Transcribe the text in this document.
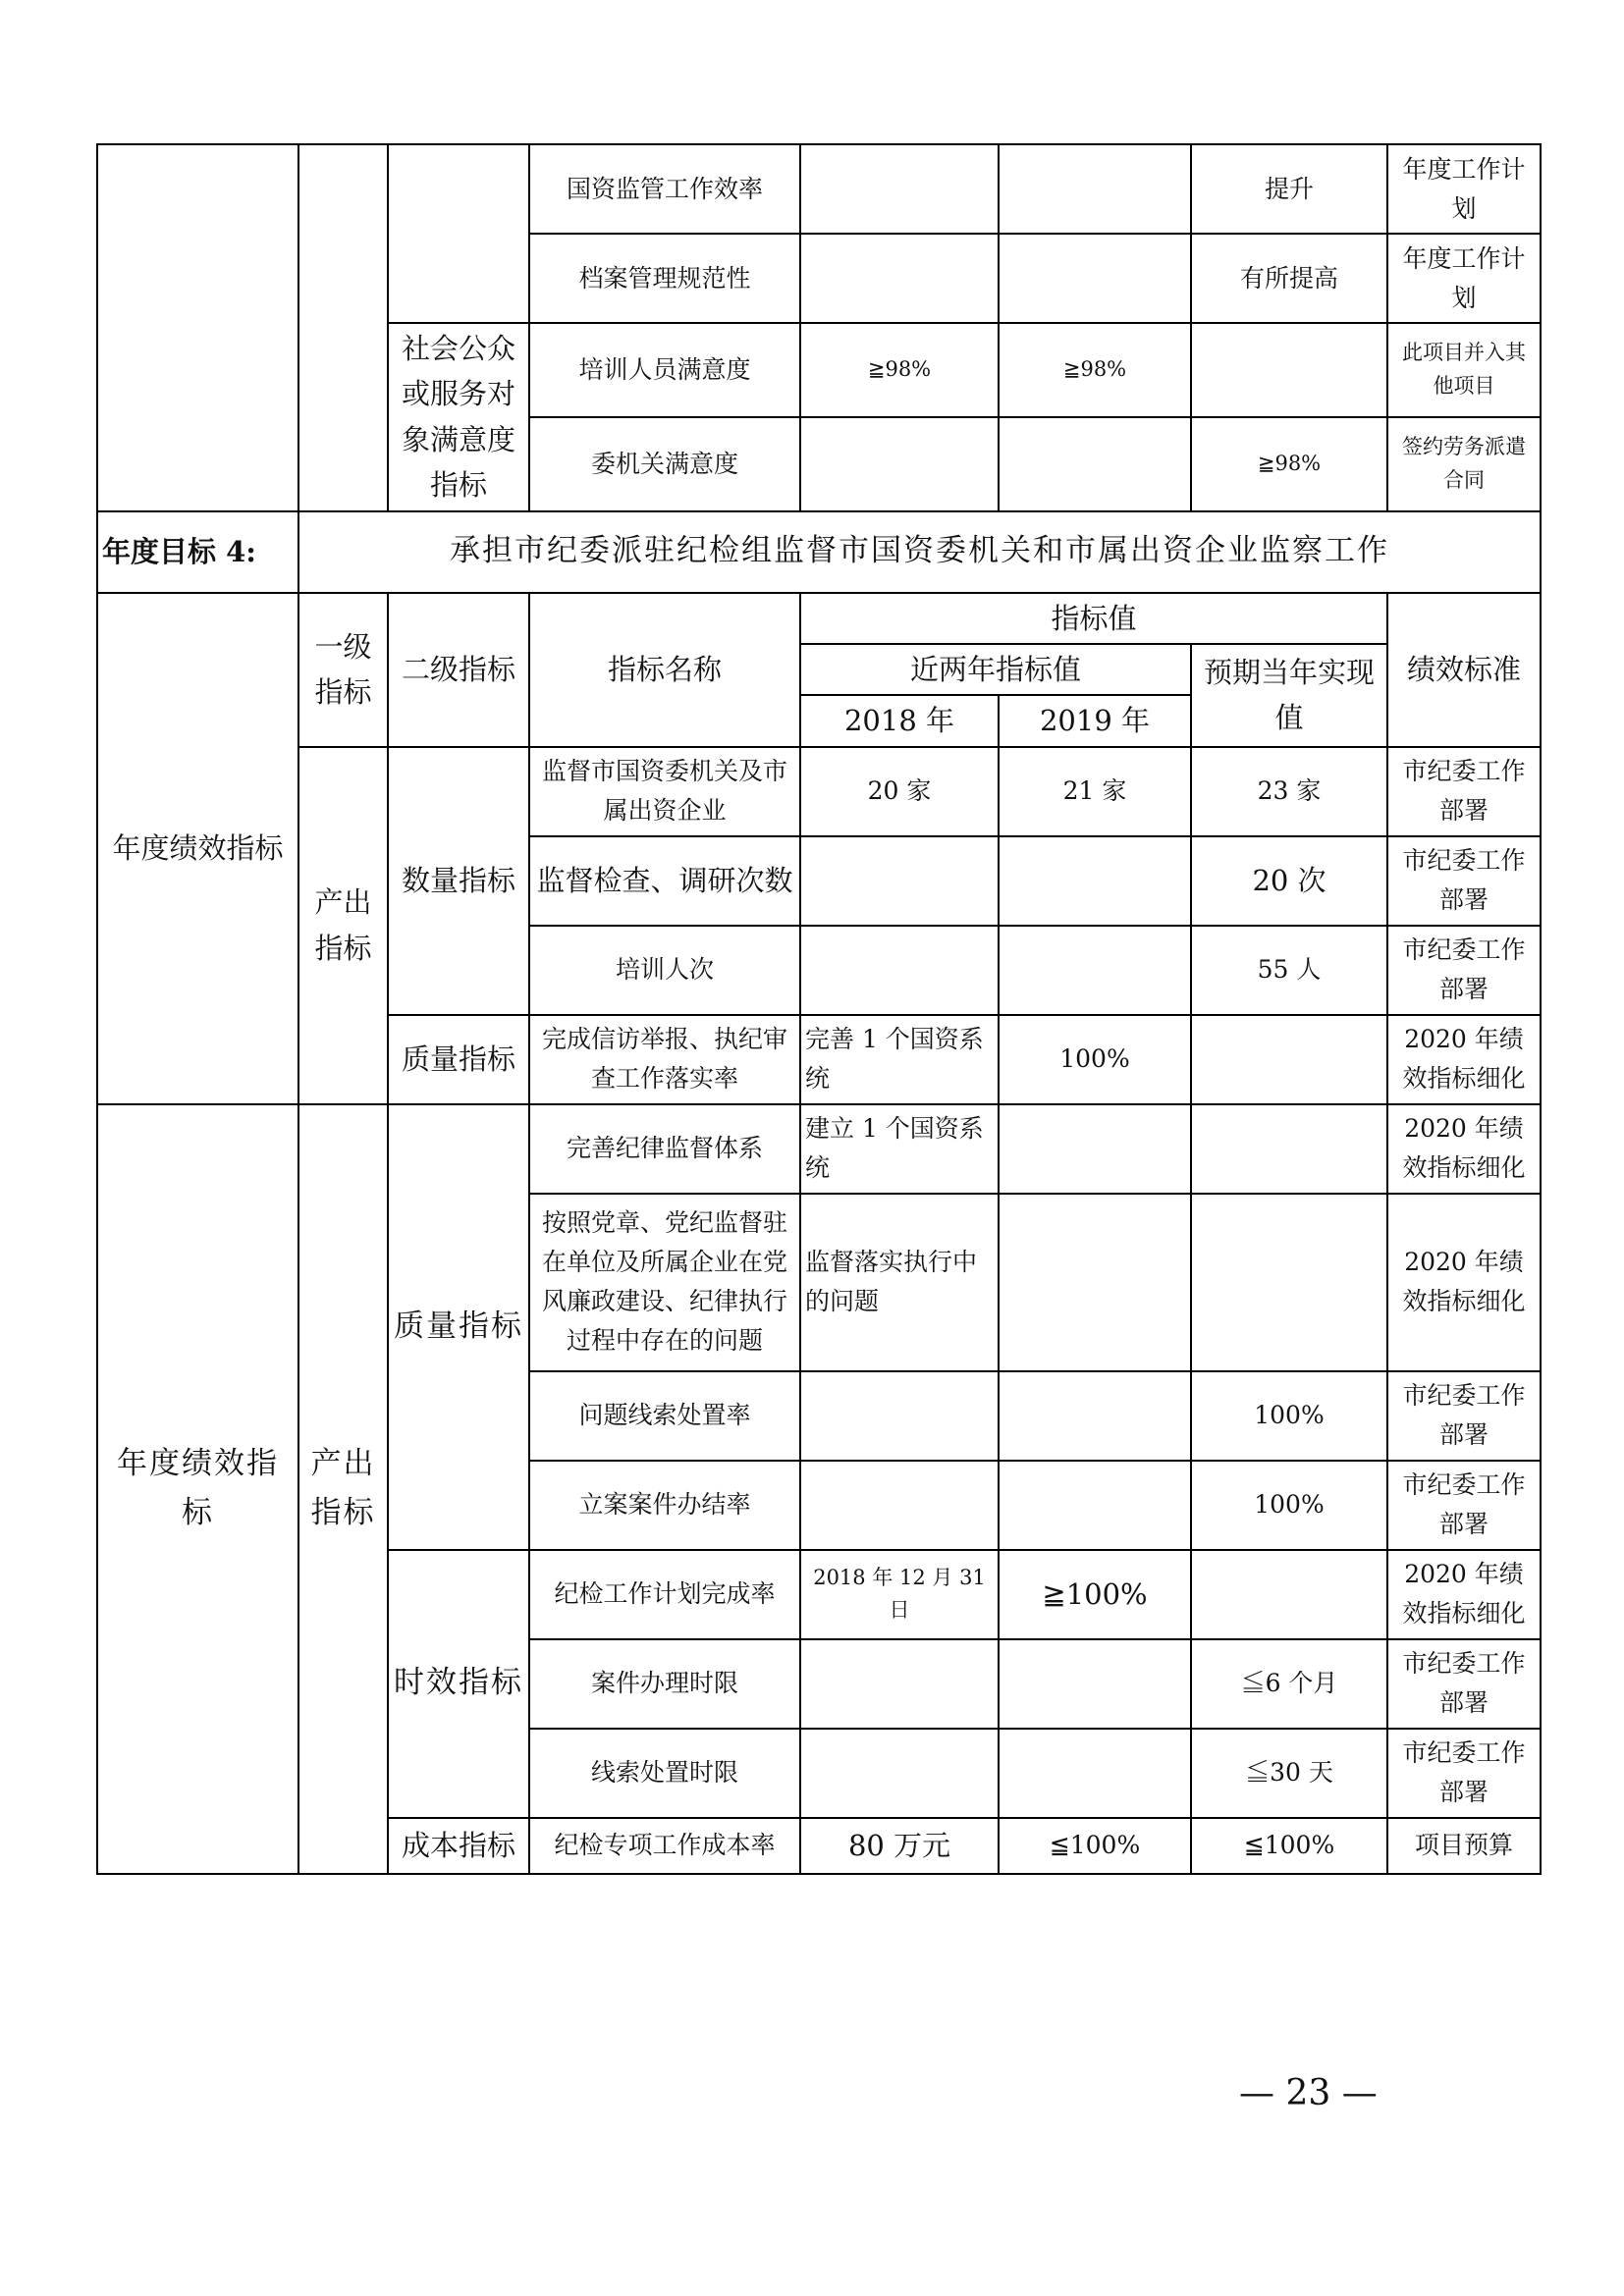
			国资监管工作效率			提升	年度工作计划
			档案管理规范性			有所提高	年度工作计划
		社会公众或服务对象满意度指标	培训人员满意度	≧98%	≧98%		此项目并入其他项目
			委机关满意度			≧98%	签约劳务派遣合同
年度目标 4:	承担市纪委派驻纪检组监督市国资委机关和市属出资企业监察工作						
年度绩效指标	一级指标	二级指标	指标名称	指标值			绩效标准
				近两年指标值		预期当年实现值	
				2018 年	2019 年		
	产出指标	数量指标	监督市国资委机关及市属出资企业	20 家	21 家	23 家	市纪委工作部署
			监督检查、调研次数			20 次	市纪委工作部署
			培训人次			55 人	市纪委工作部署
		质量指标	完成信访举报、执纪审查工作落实率	完善 1 个国资系统	100%		2020 年绩效指标细化
年度绩效指标	产出指标	质量指标	完善纪律监督体系	建立 1 个国资系统			2020 年绩效指标细化
			按照党章、党纪监督驻在单位及所属企业在党风廉政建设、纪律执行过程中存在的问题	监督落实执行中的问题			2020 年绩效指标细化
			问题线索处置率			100%	市纪委工作部署
			立案案件办结率			100%	市纪委工作部署
		时效指标	纪检工作计划完成率	2018 年 12 月 31 日	≧100%		2020 年绩效指标细化
			案件办理时限			≦6 个月	市纪委工作部署
			线索处置时限			≦30 天	市纪委工作部署
		成本指标	纪检专项工作成本率	80 万元	≦100%	≦100%	项目预算
— 23 —
